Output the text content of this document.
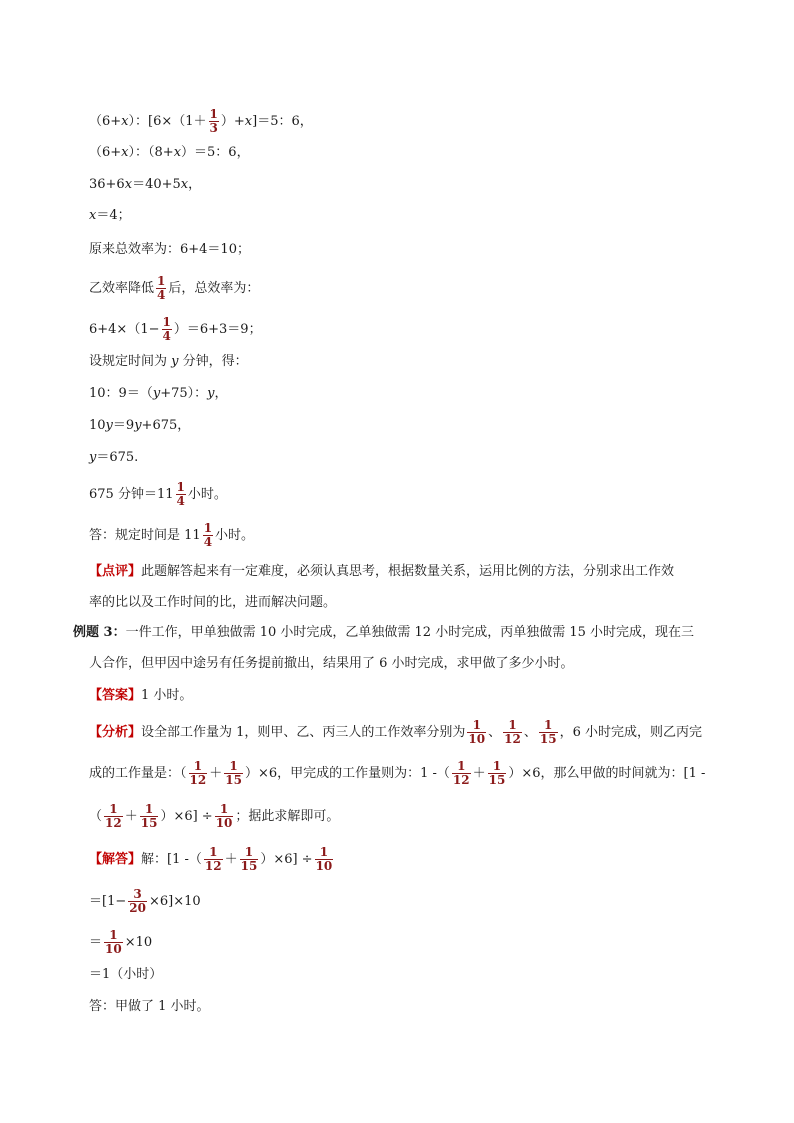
（6+x）：$[6\times(1+ \frac{1}{3} )+x]=5$：6，
（6+x）：（8+x）＝5：6，
36+6x＝40+5x，
x＝4；
原来总效率为：6+4＝10；
乙效率降低 $\frac{1}{4}$ 后，总效率为：
$6+4\times(1- \frac{1}{4} )=6+3=9$；
设规定时间为 y 分钟，得：
10：9＝（y+75）：y，
10y＝9y+675，
y＝675.
675 分钟$=11 \frac{1}{4}$ 小时。
答：规定时间是 $11 \frac{1}{4}$ 小时。
【点评】此题解答起来有一定难度，必须认真思考，根据数量关系，运用比例的方法，分别求出工作效
率的比以及工作时间的比，进而解决问题。
例题 3：一件工作，甲单独做需 10 小时完成，乙单独做需 12 小时完成，丙单独做需 15 小时完成，现在三
人合作，但甲因中途另有任务提前撤出，结果用了 6 小时完成，求甲做了多少小时。
【答案】1 小时。
【分析】设全部工作量为 1，则甲、乙、丙三人的工作效率分别为 $\frac{1}{10}$ 、 $\frac{1}{12}$ 、 $\frac{1}{15}$ ，6 小时完成，则乙丙完
成的工作量是：（ $\frac{1}{12} + \frac{1}{15} )\times 6$，甲完成的工作量则为：1 -（ $\frac{1}{12} + \frac{1}{15} )\times 6$，那么甲做的时间就为：[1 -
（ $\frac{1}{12} + \frac{1}{15} )\times 6] \div \frac{1}{10}$ ；据此求解即可。
【解答】解：[1 -（ $\frac{1}{12} + \frac{1}{15} )\times 6] \div \frac{1}{10}$
$=[1- \frac{3}{20} \times 6]\times 10$
＝ $\frac{1}{10} \times 10$
＝1（小时）
答：甲做了 1 小时。
